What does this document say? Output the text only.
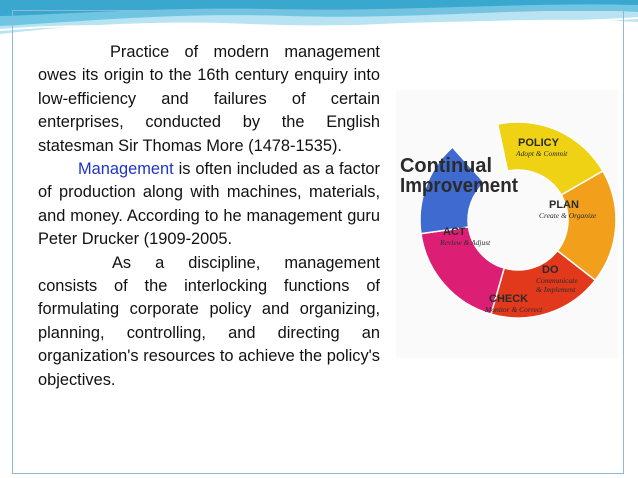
Practice of modern management owes its origin to the 16th century enquiry into low-efficiency and failures of certain enterprises, conducted by the English statesman Sir Thomas More (1478-1535).

Management is often included as a factor of production along with machines, materials, and money. According to he management guru Peter Drucker (1909-2005.

As a discipline, management consists of the interlocking functions of formulating corporate policy and organizing, planning, controlling, and directing an organization's resources to achieve the policy's objectives.

Continual
Improvement
POLICY
Adopt & Commit
PLAN
Create & Organize
DO
Communicate
& Implement
CHECK
Monitor & Correct
ACT
Review & Adjust
